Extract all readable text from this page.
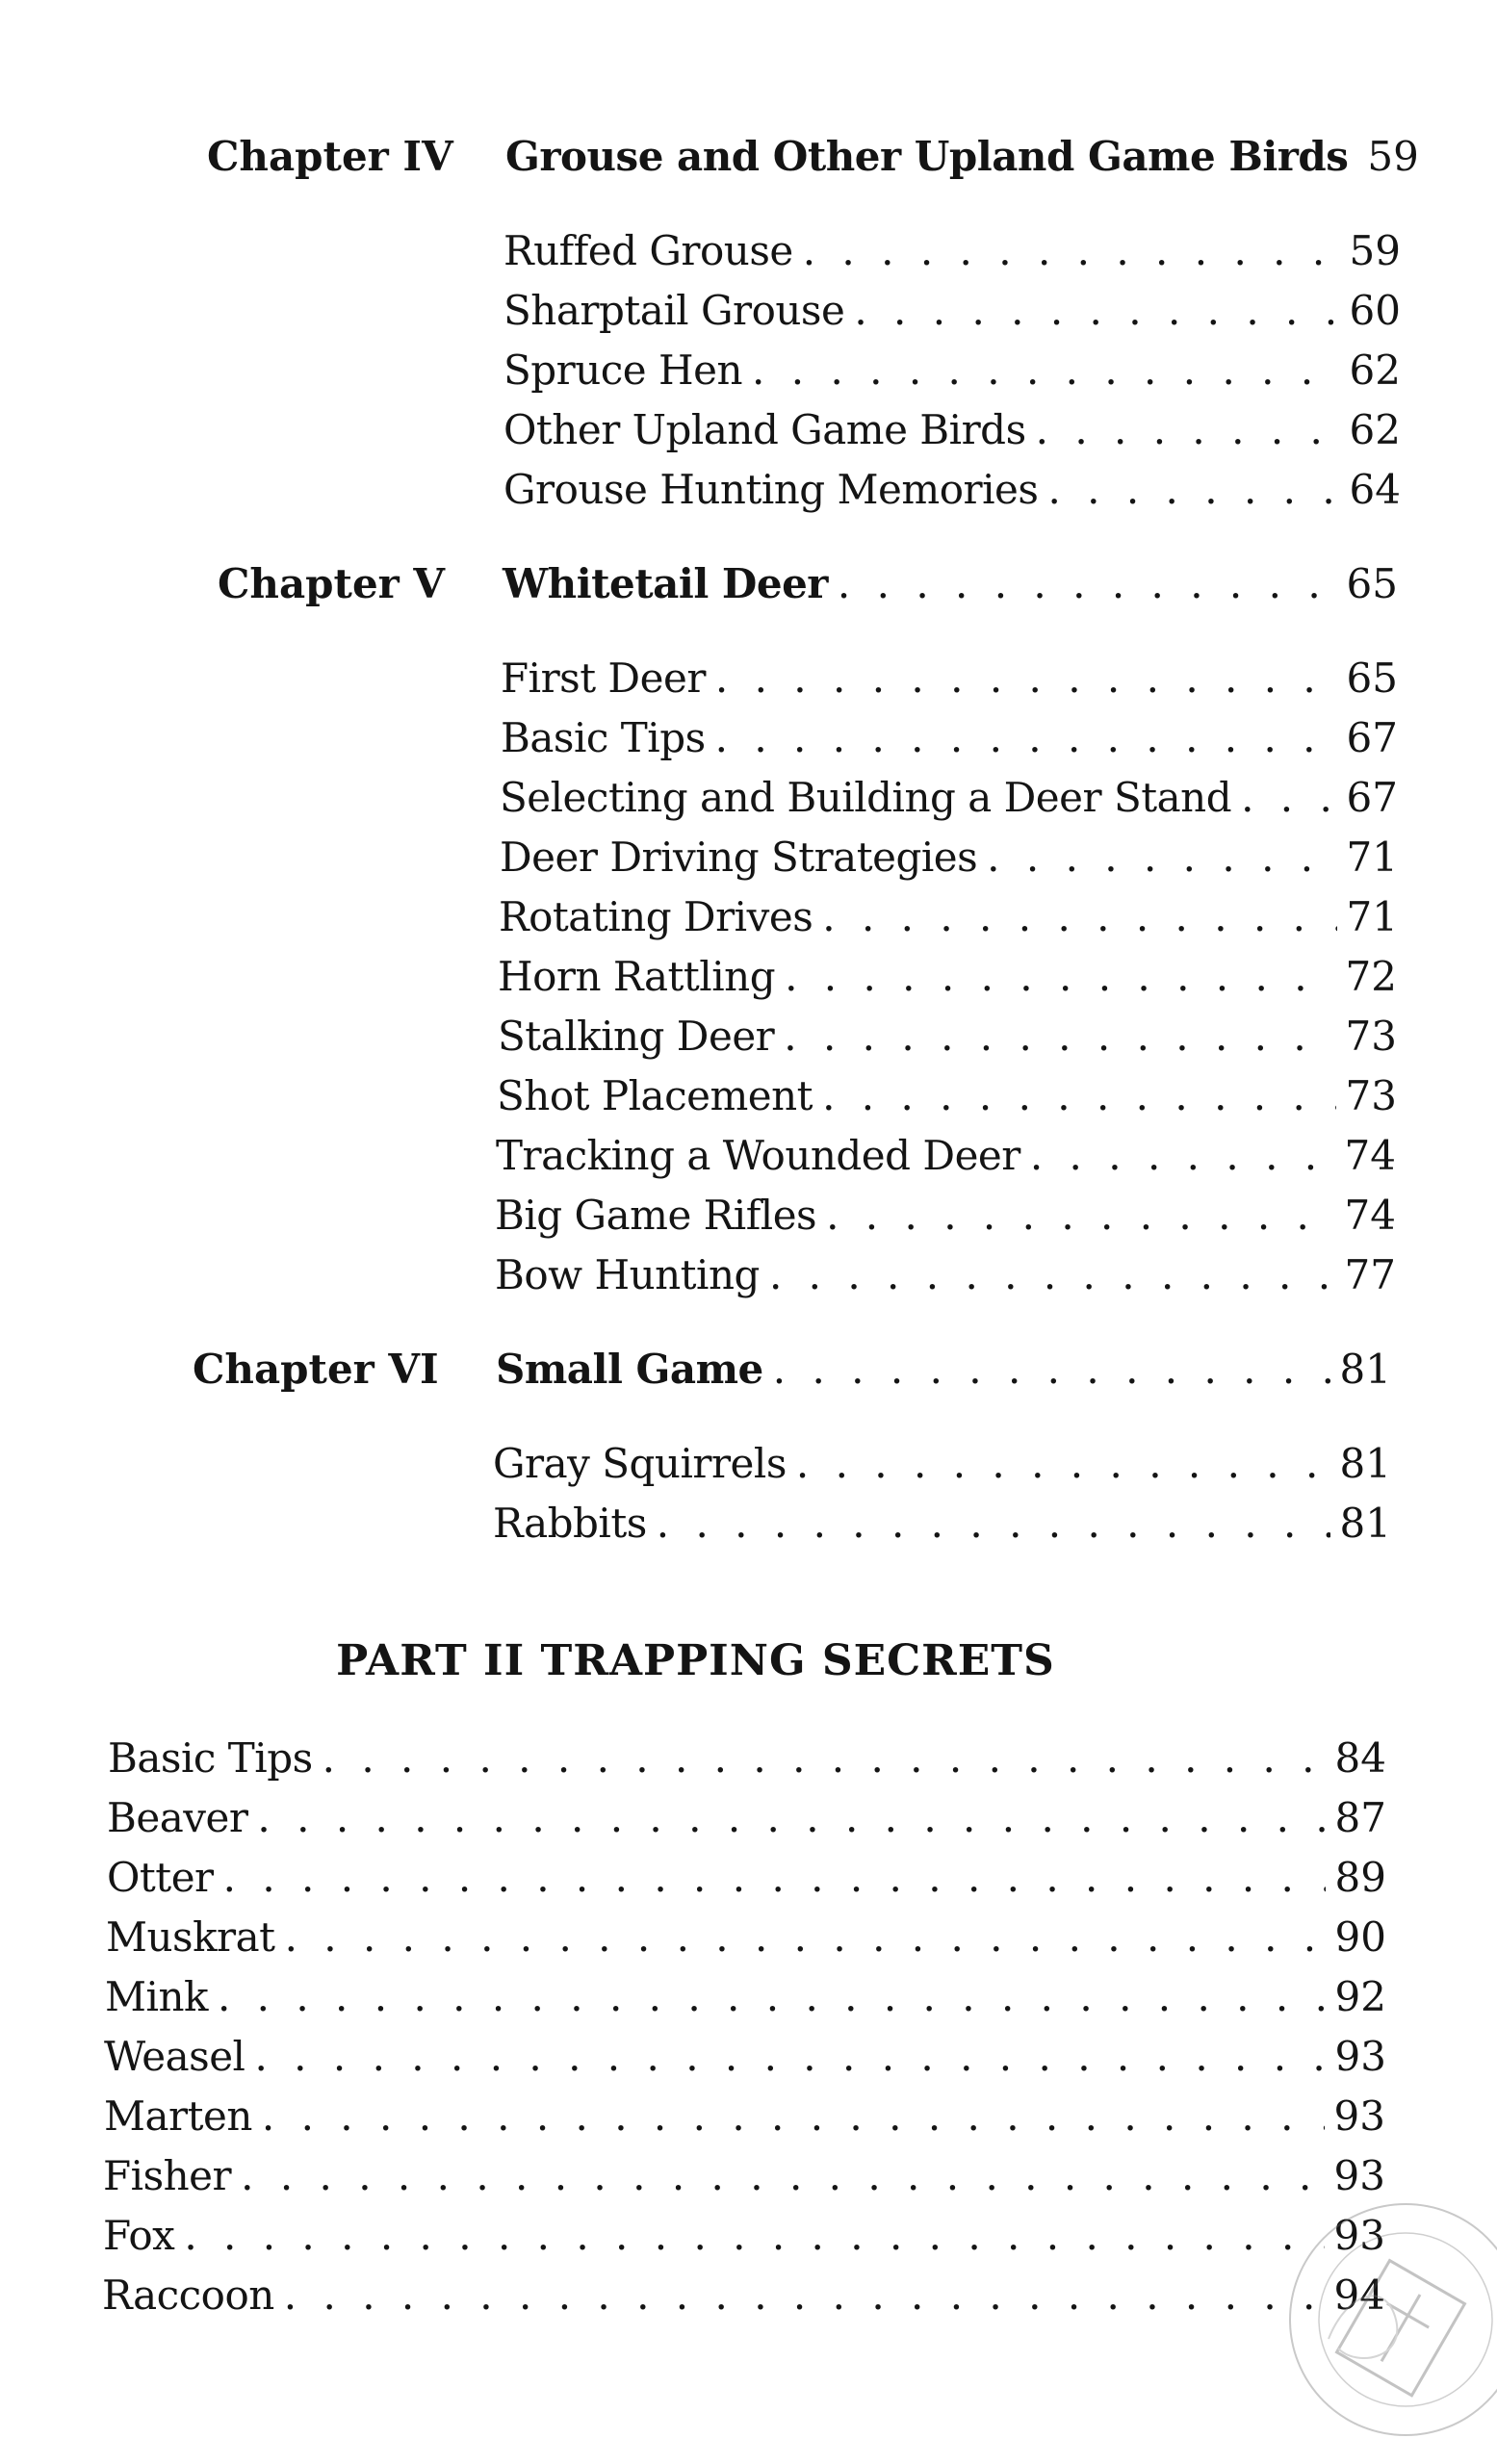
Chapter IV Grouse and Other Upland Game Birds 59
Ruffed Grouse . . .	59
Sharptail Grouse . . .	60
Spruce Hen . . .	62
Other Upland Game Birds . . .	62
Grouse Hunting Memories . . .	64
Chapter V Whitetail Deer . . .	65
First Deer . . .	65
Basic Tips . . .	67
Selecting and Building a Deer Stand . . .	67
Deer Driving Strategies . . .	71
Rotating Drives . . .	71
Horn Rattling . . .	72
Stalking Deer . . .	73
Shot Placement . . .	73
Tracking a Wounded Deer . . .	74
Big Game Rifles . . .	74
Bow Hunting . . .	77
Chapter VI Small Game . . .	81
Gray Squirrels . . .	81
Rabbits . . .	81
PART II TRAPPING SECRETS
Basic Tips . . .	84
Beaver . . .	87
Otter . . .	89
Muskrat . . .	90
Mink . . .	92
Weasel . . .	93
Marten . . .	93
Fisher . . .	93
Fox . . .	93
Raccoon . . .	94
